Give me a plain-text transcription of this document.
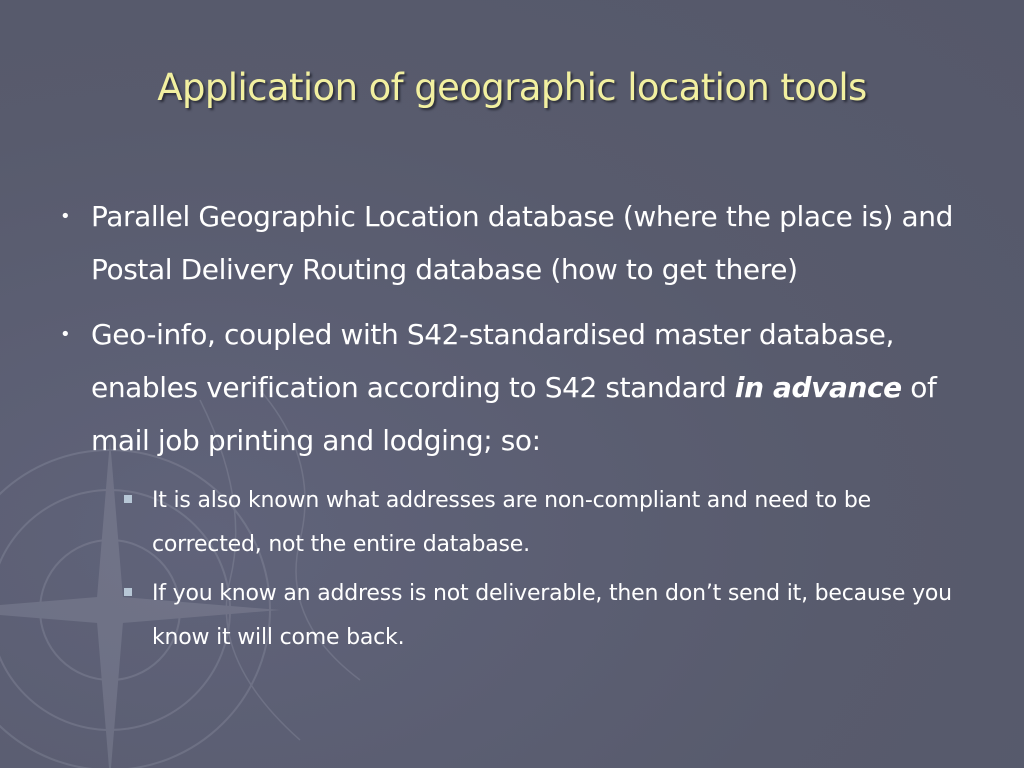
Application of geographic location tools
• Parallel Geographic Location database (where the place is) and Postal Delivery Routing database (how to get there)
• Geo-info, coupled with S42-standardised master database, enables verification according to S42 standard in advance of mail job printing and lodging; so:
It is also known what addresses are non-compliant and need to be corrected, not the entire database.
If you know an address is not deliverable, then don’t send it, because you know it will come back.
